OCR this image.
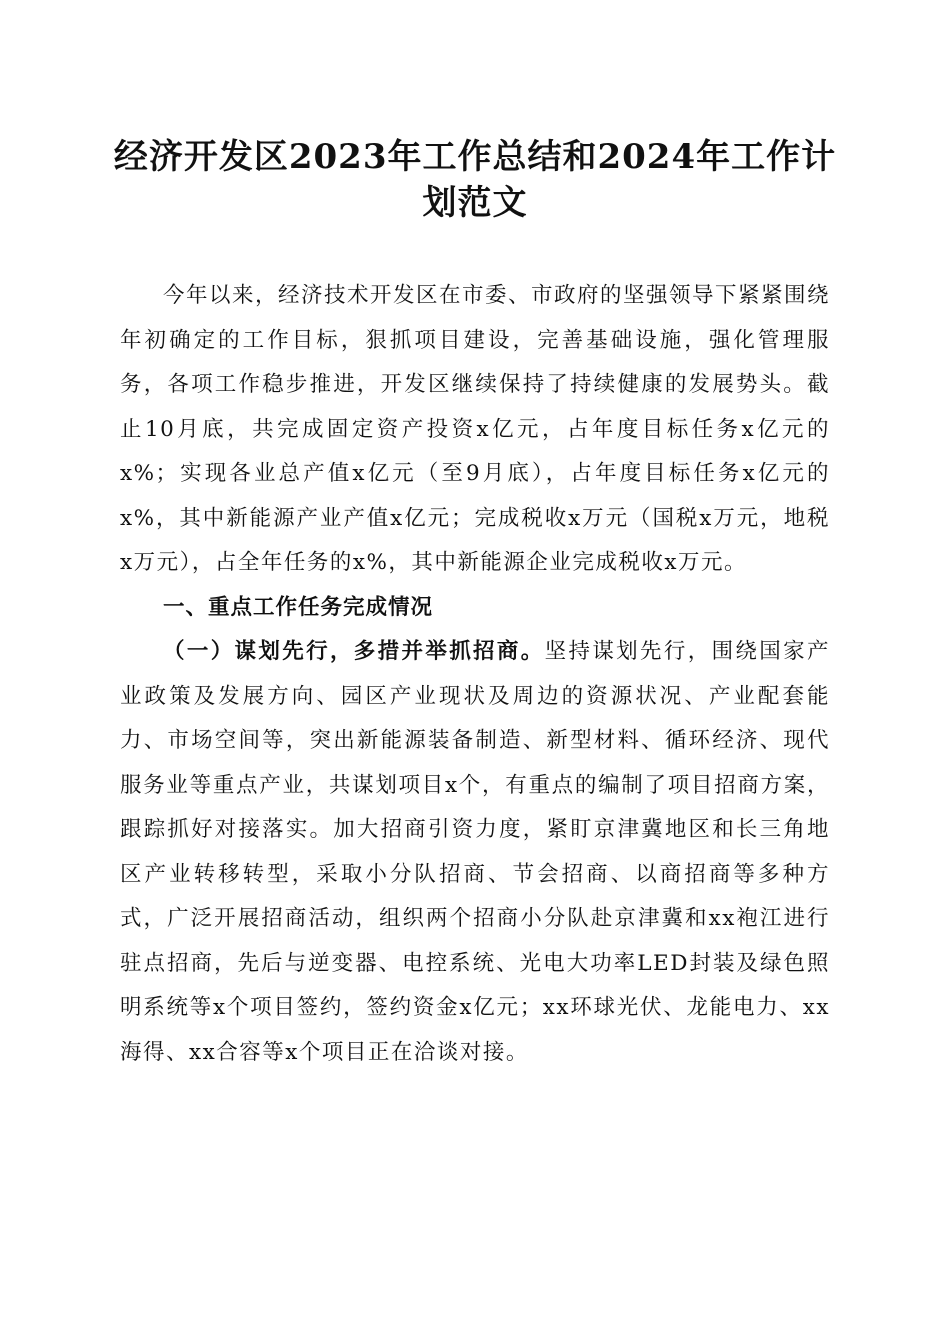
经济开发区2023年工作总结和2024年工作计划范文

今年以来，经济技术开发区在市委、市政府的坚强领导下紧紧围绕年初确定的工作目标，狠抓项目建设，完善基础设施，强化管理服务，各项工作稳步推进，开发区继续保持了持续健康的发展势头。截止10月底，共完成固定资产投资x亿元，占年度目标任务x亿元的x%；实现各业总产值x亿元（至9月底），占年度目标任务x亿元的x%，其中新能源产业产值x亿元；完成税收x万元（国税x万元，地税x万元），占全年任务的x%，其中新能源企业完成税收x万元。

一、重点工作任务完成情况

（一）谋划先行，多措并举抓招商。坚持谋划先行，围绕国家产业政策及发展方向、园区产业现状及周边的资源状况、产业配套能力、市场空间等，突出新能源装备制造、新型材料、循环经济、现代服务业等重点产业，共谋划项目x个，有重点的编制了项目招商方案，跟踪抓好对接落实。加大招商引资力度，紧盯京津冀地区和长三角地区产业转移转型，采取小分队招商、节会招商、以商招商等多种方式，广泛开展招商活动，组织两个招商小分队赴京津冀和xx袍江进行驻点招商，先后与逆变器、电控系统、光电大功率LED封装及绿色照明系统等x个项目签约，签约资金x亿元；xx环球光伏、龙能电力、xx海得、xx合容等x个项目正在洽谈对接。
